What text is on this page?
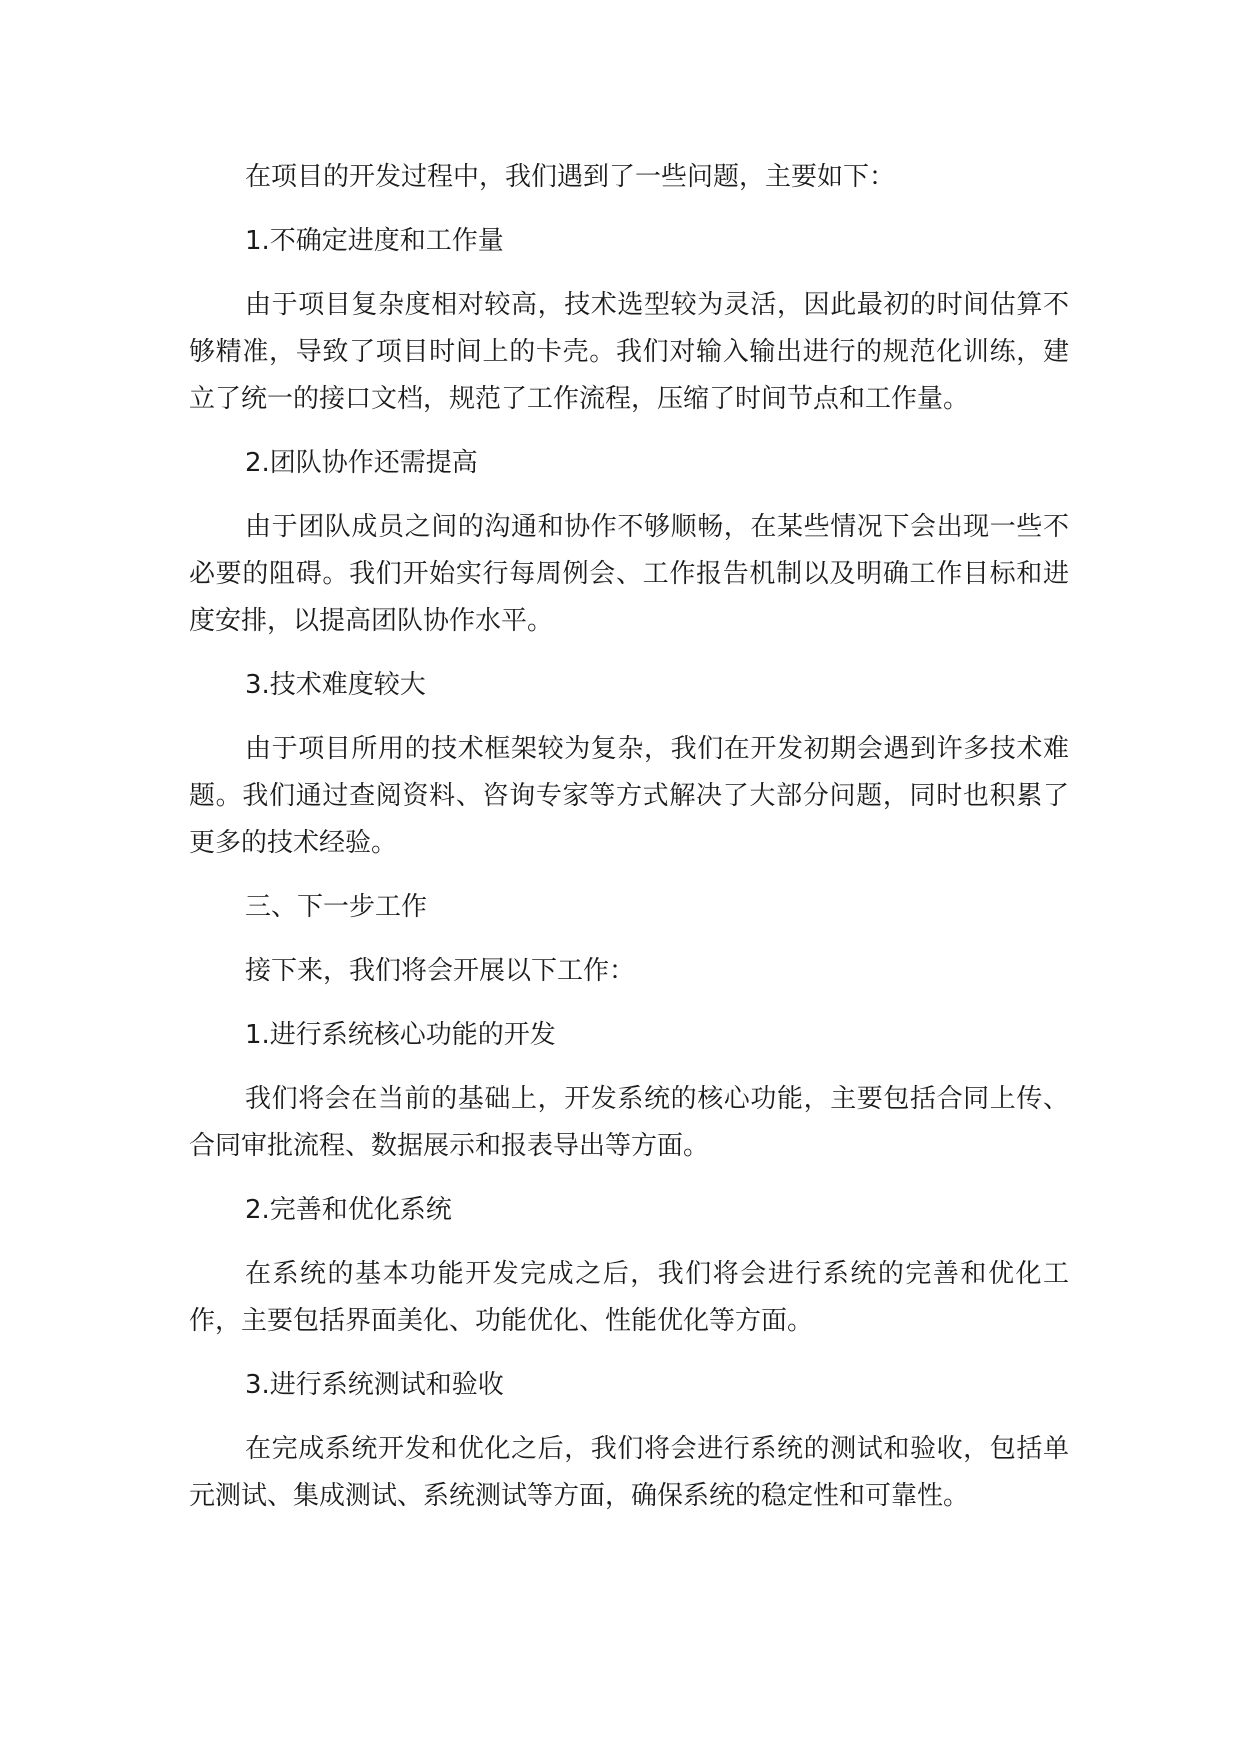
在项目的开发过程中，我们遇到了一些问题，主要如下：

1.不确定进度和工作量

由于项目复杂度相对较高，技术选型较为灵活，因此最初的时间估算不够精准，导致了项目时间上的卡壳。我们对输入输出进行的规范化训练，建立了统一的接口文档，规范了工作流程，压缩了时间节点和工作量。

2.团队协作还需提高

由于团队成员之间的沟通和协作不够顺畅，在某些情况下会出现一些不必要的阻碍。我们开始实行每周例会、工作报告机制以及明确工作目标和进度安排，以提高团队协作水平。

3.技术难度较大

由于项目所用的技术框架较为复杂，我们在开发初期会遇到许多技术难题。我们通过查阅资料、咨询专家等方式解决了大部分问题，同时也积累了更多的技术经验。

三、下一步工作

接下来，我们将会开展以下工作：

1.进行系统核心功能的开发

我们将会在当前的基础上，开发系统的核心功能，主要包括合同上传、合同审批流程、数据展示和报表导出等方面。

2.完善和优化系统

在系统的基本功能开发完成之后，我们将会进行系统的完善和优化工作，主要包括界面美化、功能优化、性能优化等方面。

3.进行系统测试和验收

在完成系统开发和优化之后，我们将会进行系统的测试和验收，包括单元测试、集成测试、系统测试等方面，确保系统的稳定性和可靠性。
